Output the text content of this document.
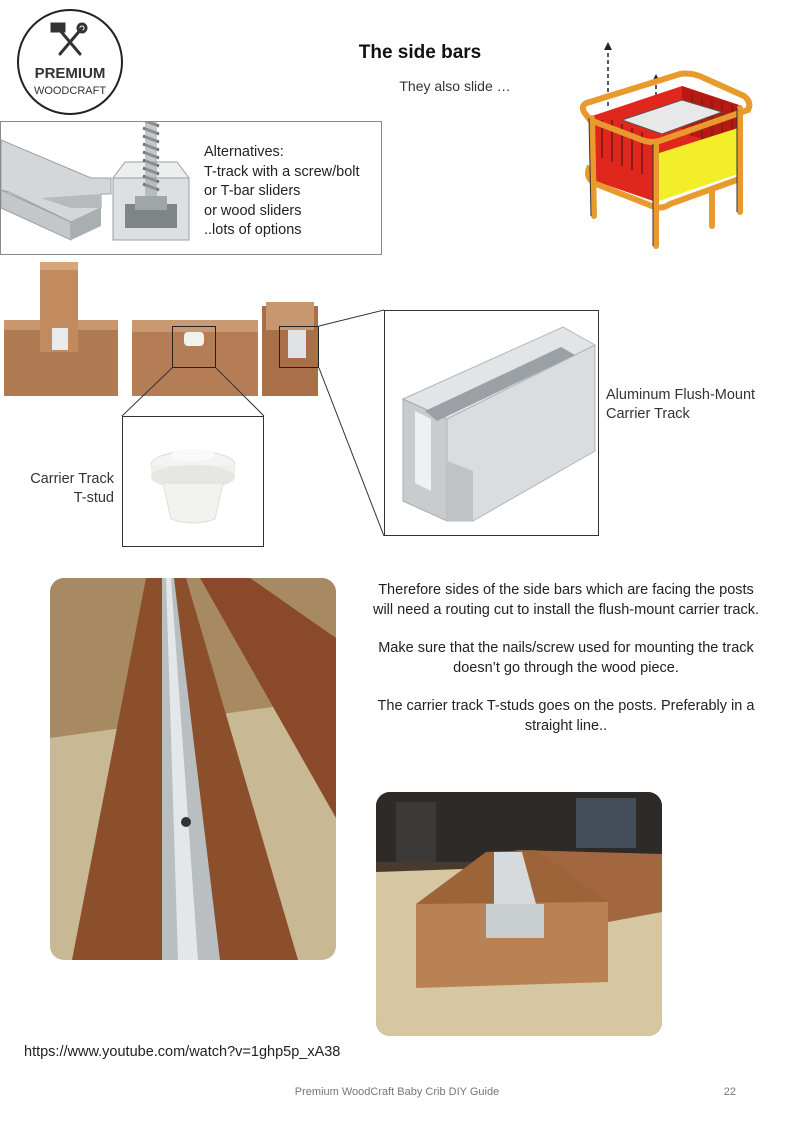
PREMIUM
WOODCRAFT
The side bars
They also slide …
Alternatives:
T-track with a screw/bolt
or T-bar sliders
or wood sliders
..lots of options
Carrier Track
T-stud
Aluminum Flush-Mount
Carrier Track

Therefore sides of the side bars which are facing the posts will need a routing cut to install the flush-mount carrier track.

Make sure that the nails/screw used for mounting the track doesn’t go through the wood piece.

The carrier track T-studs goes on the posts. Preferably in a straight line..

https://www.youtube.com/watch?v=1ghp5p_xA38
Premium WoodCraft Baby Crib DIY Guide	22
